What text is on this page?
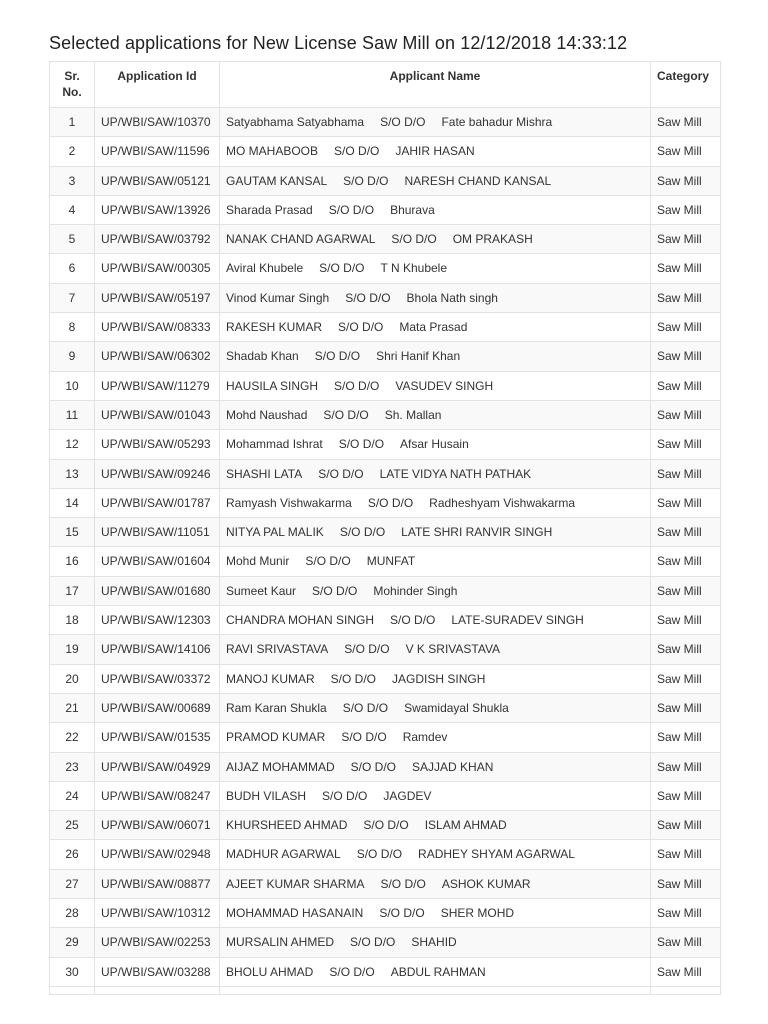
Selected applications for New License Saw Mill on 12/12/2018 14:33:12
Sr. No.	Application Id	Applicant Name	Category
1	UP/WBI/SAW/10370	Satyabhama Satyabhama S/O D/O Fate bahadur Mishra	Saw Mill
2	UP/WBI/SAW/11596	MO MAHABOOB S/O D/O JAHIR HASAN	Saw Mill
3	UP/WBI/SAW/05121	GAUTAM KANSAL S/O D/O NARESH CHAND KANSAL	Saw Mill
4	UP/WBI/SAW/13926	Sharada Prasad S/O D/O Bhurava	Saw Mill
5	UP/WBI/SAW/03792	NANAK CHAND AGARWAL S/O D/O OM PRAKASH	Saw Mill
6	UP/WBI/SAW/00305	Aviral Khubele S/O D/O T N Khubele	Saw Mill
7	UP/WBI/SAW/05197	Vinod Kumar Singh S/O D/O Bhola Nath singh	Saw Mill
8	UP/WBI/SAW/08333	RAKESH KUMAR S/O D/O Mata Prasad	Saw Mill
9	UP/WBI/SAW/06302	Shadab Khan S/O D/O Shri Hanif Khan	Saw Mill
10	UP/WBI/SAW/11279	HAUSILA SINGH S/O D/O VASUDEV SINGH	Saw Mill
11	UP/WBI/SAW/01043	Mohd Naushad S/O D/O Sh. Mallan	Saw Mill
12	UP/WBI/SAW/05293	Mohammad Ishrat S/O D/O Afsar Husain	Saw Mill
13	UP/WBI/SAW/09246	SHASHI LATA S/O D/O LATE VIDYA NATH PATHAK	Saw Mill
14	UP/WBI/SAW/01787	Ramyash Vishwakarma S/O D/O Radheshyam Vishwakarma	Saw Mill
15	UP/WBI/SAW/11051	NITYA PAL MALIK S/O D/O LATE SHRI RANVIR SINGH	Saw Mill
16	UP/WBI/SAW/01604	Mohd Munir S/O D/O MUNFAT	Saw Mill
17	UP/WBI/SAW/01680	Sumeet Kaur S/O D/O Mohinder Singh	Saw Mill
18	UP/WBI/SAW/12303	CHANDRA MOHAN SINGH S/O D/O LATE-SURADEV SINGH	Saw Mill
19	UP/WBI/SAW/14106	RAVI SRIVASTAVA S/O D/O V K SRIVASTAVA	Saw Mill
20	UP/WBI/SAW/03372	MANOJ KUMAR S/O D/O JAGDISH SINGH	Saw Mill
21	UP/WBI/SAW/00689	Ram Karan Shukla S/O D/O Swamidayal Shukla	Saw Mill
22	UP/WBI/SAW/01535	PRAMOD KUMAR S/O D/O Ramdev	Saw Mill
23	UP/WBI/SAW/04929	AIJAZ MOHAMMAD S/O D/O SAJJAD KHAN	Saw Mill
24	UP/WBI/SAW/08247	BUDH VILASH S/O D/O JAGDEV	Saw Mill
25	UP/WBI/SAW/06071	KHURSHEED AHMAD S/O D/O ISLAM AHMAD	Saw Mill
26	UP/WBI/SAW/02948	MADHUR AGARWAL S/O D/O RADHEY SHYAM AGARWAL	Saw Mill
27	UP/WBI/SAW/08877	AJEET KUMAR SHARMA S/O D/O ASHOK KUMAR	Saw Mill
28	UP/WBI/SAW/10312	MOHAMMAD HASANAIN S/O D/O SHER MOHD	Saw Mill
29	UP/WBI/SAW/02253	MURSALIN AHMED S/O D/O SHAHID	Saw Mill
30	UP/WBI/SAW/03288	BHOLU AHMAD S/O D/O ABDUL RAHMAN	Saw Mill
